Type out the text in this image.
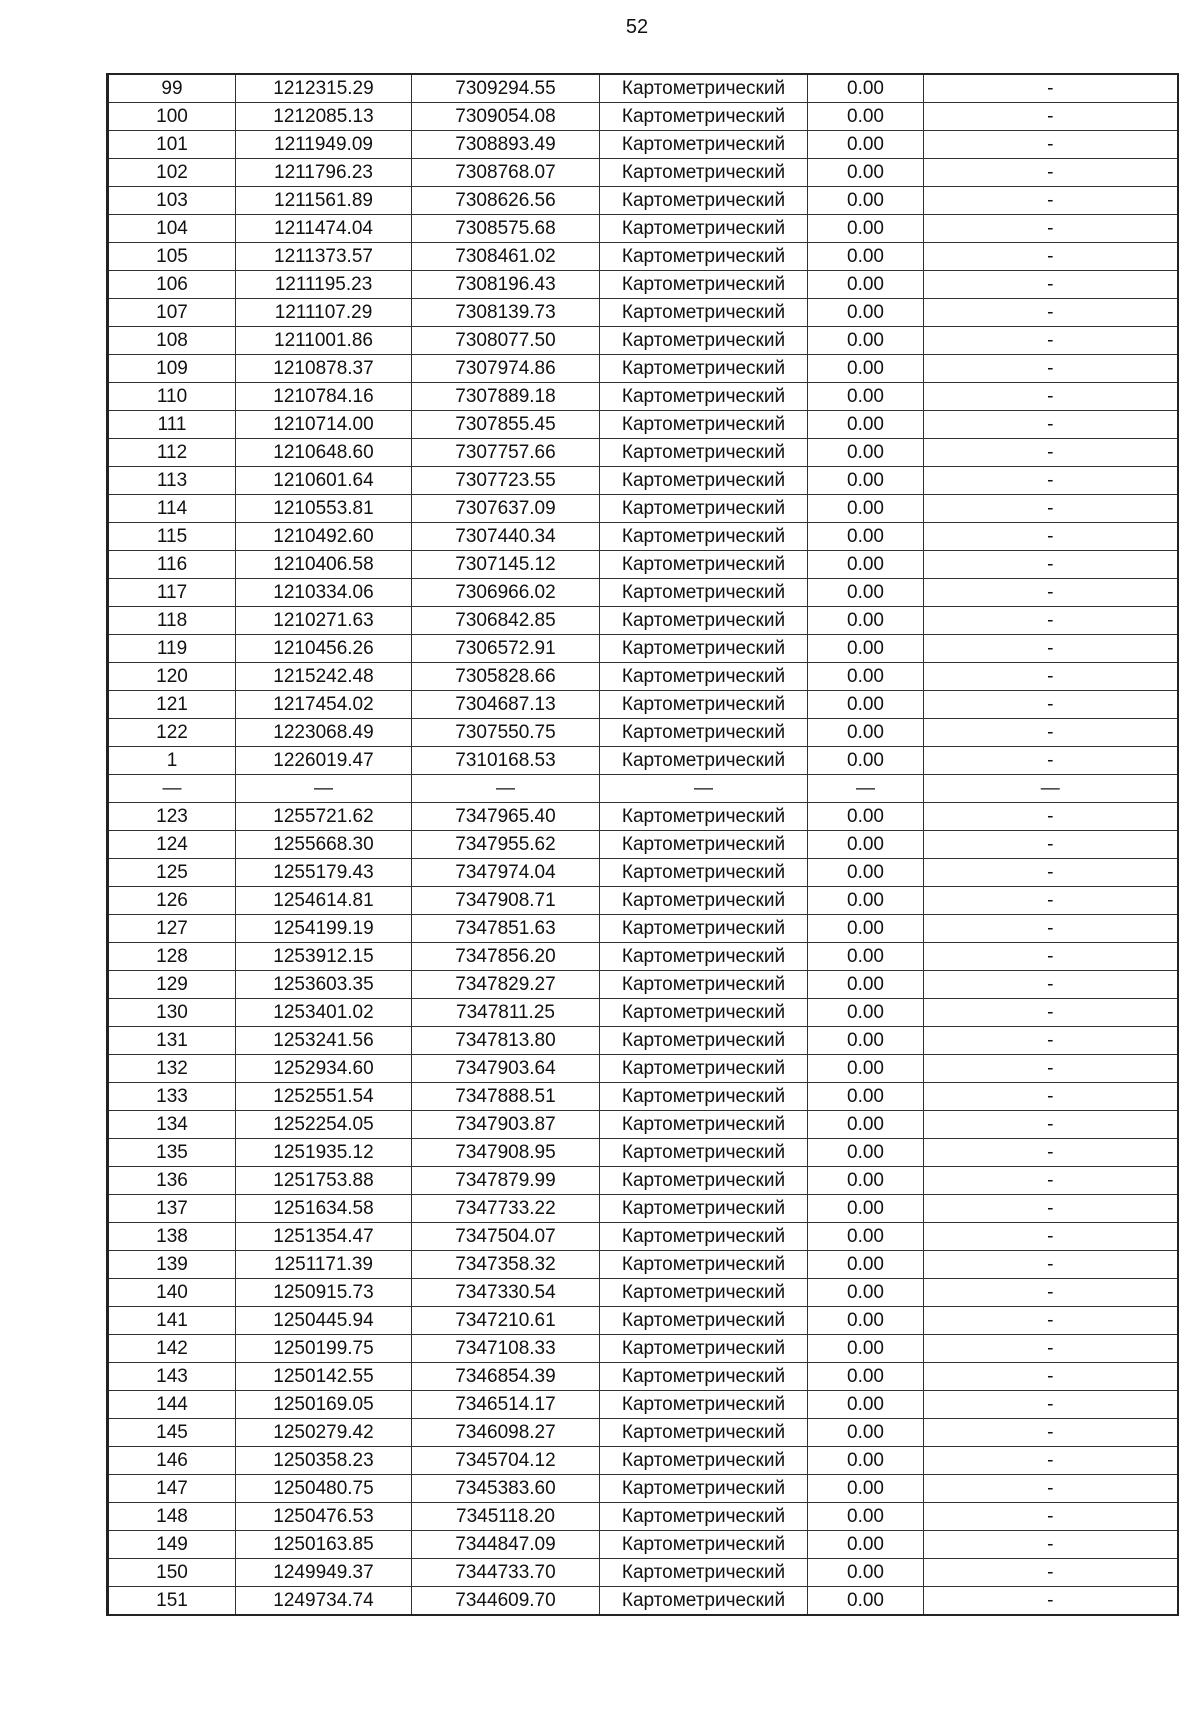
52
99	1212315.29	7309294.55	Картометрический	0.00	-
100	1212085.13	7309054.08	Картометрический	0.00	-
101	1211949.09	7308893.49	Картометрический	0.00	-
102	1211796.23	7308768.07	Картометрический	0.00	-
103	1211561.89	7308626.56	Картометрический	0.00	-
104	1211474.04	7308575.68	Картометрический	0.00	-
105	1211373.57	7308461.02	Картометрический	0.00	-
106	1211195.23	7308196.43	Картометрический	0.00	-
107	1211107.29	7308139.73	Картометрический	0.00	-
108	1211001.86	7308077.50	Картометрический	0.00	-
109	1210878.37	7307974.86	Картометрический	0.00	-
110	1210784.16	7307889.18	Картометрический	0.00	-
111	1210714.00	7307855.45	Картометрический	0.00	-
112	1210648.60	7307757.66	Картометрический	0.00	-
113	1210601.64	7307723.55	Картометрический	0.00	-
114	1210553.81	7307637.09	Картометрический	0.00	-
115	1210492.60	7307440.34	Картометрический	0.00	-
116	1210406.58	7307145.12	Картометрический	0.00	-
117	1210334.06	7306966.02	Картометрический	0.00	-
118	1210271.63	7306842.85	Картометрический	0.00	-
119	1210456.26	7306572.91	Картометрический	0.00	-
120	1215242.48	7305828.66	Картометрический	0.00	-
121	1217454.02	7304687.13	Картометрический	0.00	-
122	1223068.49	7307550.75	Картометрический	0.00	-
1	1226019.47	7310168.53	Картометрический	0.00	-
—	—	—	—	—	—
123	1255721.62	7347965.40	Картометрический	0.00	-
124	1255668.30	7347955.62	Картометрический	0.00	-
125	1255179.43	7347974.04	Картометрический	0.00	-
126	1254614.81	7347908.71	Картометрический	0.00	-
127	1254199.19	7347851.63	Картометрический	0.00	-
128	1253912.15	7347856.20	Картометрический	0.00	-
129	1253603.35	7347829.27	Картометрический	0.00	-
130	1253401.02	7347811.25	Картометрический	0.00	-
131	1253241.56	7347813.80	Картометрический	0.00	-
132	1252934.60	7347903.64	Картометрический	0.00	-
133	1252551.54	7347888.51	Картометрический	0.00	-
134	1252254.05	7347903.87	Картометрический	0.00	-
135	1251935.12	7347908.95	Картометрический	0.00	-
136	1251753.88	7347879.99	Картометрический	0.00	-
137	1251634.58	7347733.22	Картометрический	0.00	-
138	1251354.47	7347504.07	Картометрический	0.00	-
139	1251171.39	7347358.32	Картометрический	0.00	-
140	1250915.73	7347330.54	Картометрический	0.00	-
141	1250445.94	7347210.61	Картометрический	0.00	-
142	1250199.75	7347108.33	Картометрический	0.00	-
143	1250142.55	7346854.39	Картометрический	0.00	-
144	1250169.05	7346514.17	Картометрический	0.00	-
145	1250279.42	7346098.27	Картометрический	0.00	-
146	1250358.23	7345704.12	Картометрический	0.00	-
147	1250480.75	7345383.60	Картометрический	0.00	-
148	1250476.53	7345118.20	Картометрический	0.00	-
149	1250163.85	7344847.09	Картометрический	0.00	-
150	1249949.37	7344733.70	Картометрический	0.00	-
151	1249734.74	7344609.70	Картометрический	0.00	-
